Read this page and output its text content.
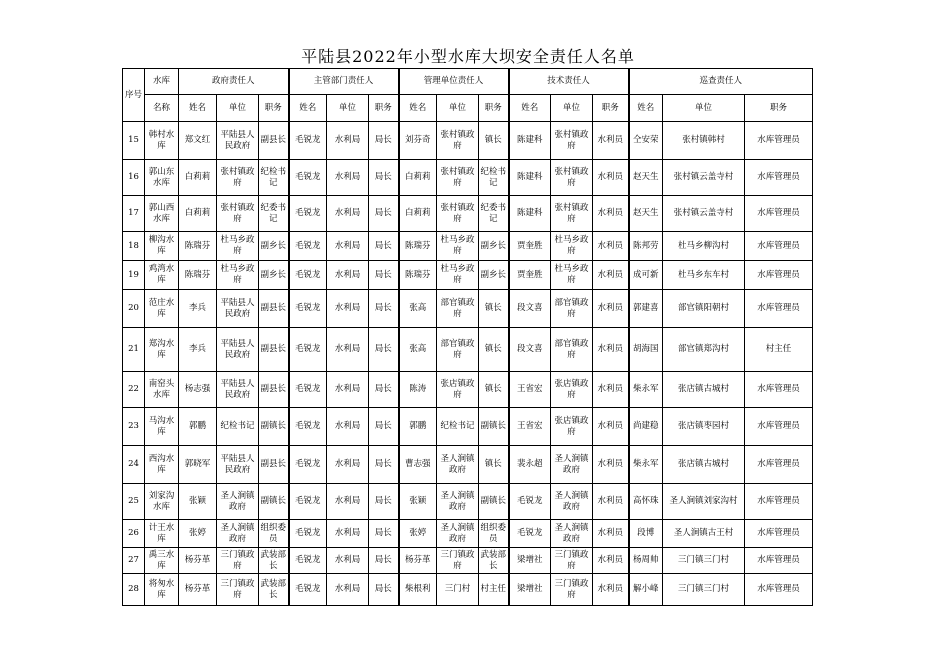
平陆县2022年小型水库大坝安全责任人名单
序号	水库	政府责任人			主管部门责任人			管理单位责任人			技术责任人			巡查责任人		
	名称	姓名	单位	职务	姓名	单位	职务	姓名	单位	职务	姓名	单位	职务	姓名	单位	职务
15	韩村水库	郑文红	平陆县人民政府	副县长	毛锐龙	水利局	局长	刘芬奇	张村镇政府	镇长	陈建科	张村镇政府	水利员	仝安荣	张村镇韩村	水库管理员
16	郭山东水库	白莉莉	张村镇政府	纪检书记	毛锐龙	水利局	局长	白莉莉	张村镇政府	纪检书记	陈建科	张村镇政府	水利员	赵天生	张村镇云盖寺村	水库管理员
17	郭山西水库	白莉莉	张村镇政府	纪委书记	毛锐龙	水利局	局长	白莉莉	张村镇政府	纪委书记	陈建科	张村镇政府	水利员	赵天生	张村镇云盖寺村	水库管理员
18	柳沟水库	陈瑞芬	杜马乡政府	副乡长	毛锐龙	水利局	局长	陈瑞芬	杜马乡政府	副乡长	贾奎胜	杜马乡政府	水利员	陈邦劳	杜马乡柳沟村	水库管理员
19	鸡湾水库	陈瑞芬	杜马乡政府	副乡长	毛锐龙	水利局	局长	陈瑞芬	杜马乡政府	副乡长	贾奎胜	杜马乡政府	水利员	成可新	杜马乡东车村	水库管理员
20	范庄水库	李兵	平陆县人民政府	副县长	毛锐龙	水利局	局长	张高	部官镇政府	镇长	段文喜	部官镇政府	水利员	郭建喜	部官镇阳朝村	水库管理员
21	郑沟水库	李兵	平陆县人民政府	副县长	毛锐龙	水利局	局长	张高	部官镇政府	镇长	段文喜	部官镇政府	水利员	胡海国	部官镇郑沟村	村主任
22	南窑头水库	杨志强	平陆县人民政府	副县长	毛锐龙	水利局	局长	陈涛	张店镇政府	镇长	王省宏	张店镇政府	水利员	柴永军	张店镇古城村	水库管理员
23	马沟水库	郭鹏	纪检书记	副镇长	毛锐龙	水利局	局长	郭鹏	纪检书记	副镇长	王省宏	张店镇政府	水利员	尚建稳	张店镇枣园村	水库管理员
24	西沟水库	郭晓军	平陆县人民政府	副县长	毛锐龙	水利局	局长	曹志强	圣人涧镇政府	镇长	裴永超	圣人涧镇政府	水利员	柴永军	张店镇古城村	水库管理员
25	刘家沟水库	张颖	圣人涧镇政府	副镇长	毛锐龙	水利局	局长	张颖	圣人涧镇政府	副镇长	毛锐龙	圣人涧镇政府	水利员	高怀珠	圣人涧镇刘家沟村	水库管理员
26	计王水库	张婷	圣人涧镇政府	组织委员	毛锐龙	水利局	局长	张婷	圣人涧镇政府	组织委员	毛锐龙	圣人涧镇政府	水利员	段博	圣人涧镇古王村	水库管理员
27	禹三水库	杨芬革	三门镇政府	武装部长	毛锐龙	水利局	局长	杨芬革	三门镇政府	武装部长	梁增社	三门镇政府	水利员	杨周帅	三门镇三门村	水库管理员
28	将匆水库	杨芬革	三门镇政府	武装部长	毛锐龙	水利局	局长	柴根利	三门村	村主任	梁增社	三门镇政府	水利员	解小峰	三门镇三门村	水库管理员
